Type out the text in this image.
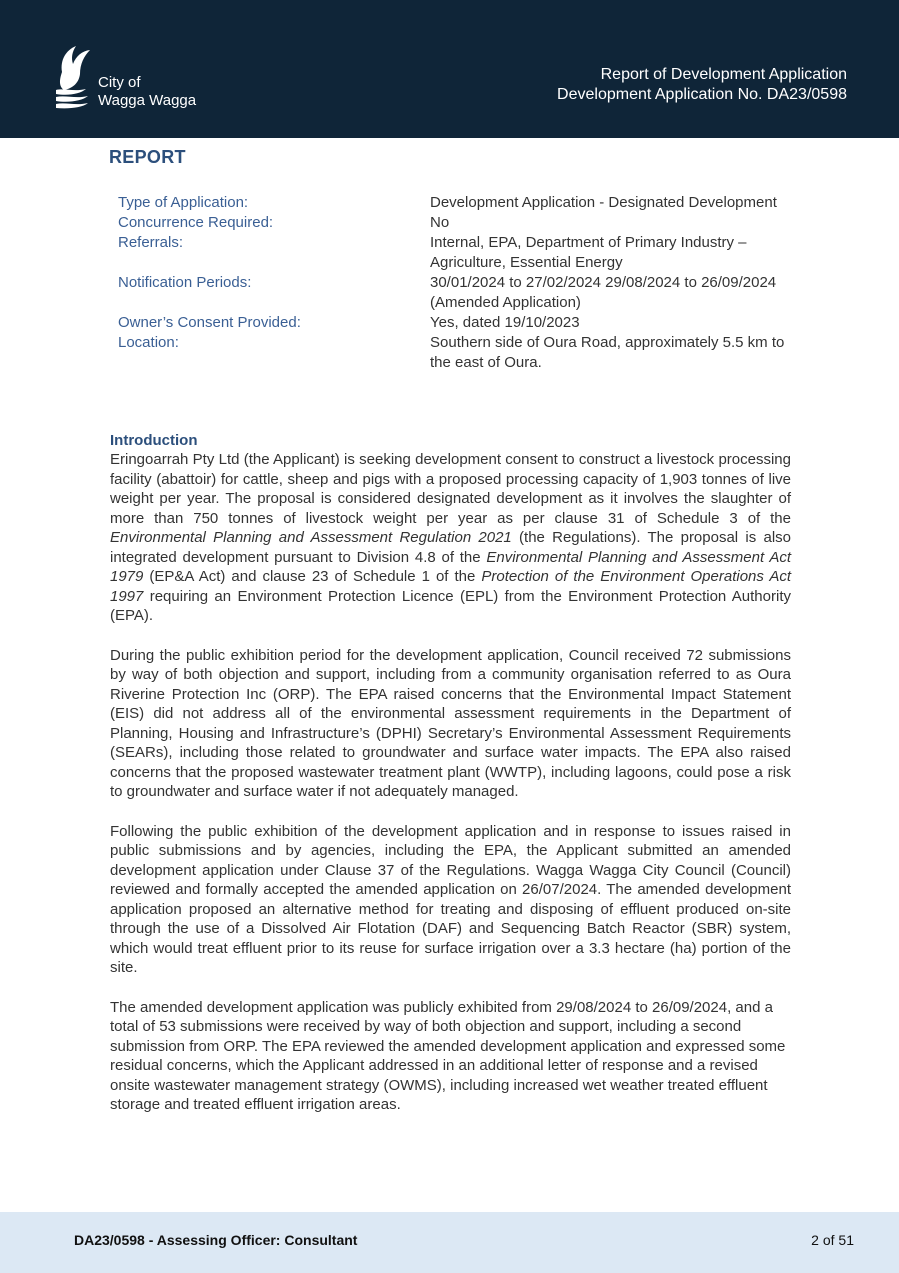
City of
Wagga Wagga
Report of Development Application
Development Application No. DA23/0598
REPORT
Type of Application:	Development Application - Designated Development
Concurrence Required:	No
Referrals:	Internal, EPA, Department of Primary Industry – Agriculture, Essential Energy
Notification Periods:	30/01/2024 to 27/02/2024 29/08/2024 to 26/09/2024 (Amended Application)
Owner’s Consent Provided:	Yes, dated 19/10/2023
Location:	Southern side of Oura Road, approximately 5.5 km to the east of Oura.
Introduction

Eringoarrah Pty Ltd (the Applicant) is seeking development consent to construct a livestock processing facility (abattoir) for cattle, sheep and pigs with a proposed processing capacity of 1,903 tonnes of live weight per year. The proposal is considered designated development as it involves the slaughter of more than 750 tonnes of livestock weight per year as per clause 31 of Schedule 3 of the Environmental Planning and Assessment Regulation 2021 (the Regulations). The proposal is also integrated development pursuant to Division 4.8 of the Environmental Planning and Assessment Act 1979 (EP&A Act) and clause 23 of Schedule 1 of the Protection of the Environment Operations Act 1997 requiring an Environment Protection Licence (EPL) from the Environment Protection Authority (EPA).

During the public exhibition period for the development application, Council received 72 submissions by way of both objection and support, including from a community organisation referred to as Oura Riverine Protection Inc (ORP). The EPA raised concerns that the Environmental Impact Statement (EIS) did not address all of the environmental assessment requirements in the Department of Planning, Housing and Infrastructure’s (DPHI) Secretary’s Environmental Assessment Requirements (SEARs), including those related to groundwater and surface water impacts. The EPA also raised concerns that the proposed wastewater treatment plant (WWTP), including lagoons, could pose a risk to groundwater and surface water if not adequately managed.

Following the public exhibition of the development application and in response to issues raised in public submissions and by agencies, including the EPA, the Applicant submitted an amended development application under Clause 37 of the Regulations. Wagga Wagga City Council (Council) reviewed and formally accepted the amended application on 26/07/2024. The amended development application proposed an alternative method for treating and disposing of effluent produced on-site through the use of a Dissolved Air Flotation (DAF) and Sequencing Batch Reactor (SBR) system, which would treat effluent prior to its reuse for surface irrigation over a 3.3 hectare (ha) portion of the site.

The amended development application was publicly exhibited from 29/08/2024 to 26/09/2024, and a total of 53 submissions were received by way of both objection and support, including a second submission from ORP. The EPA reviewed the amended development application and expressed some residual concerns, which the Applicant addressed in an additional letter of response and a revised onsite wastewater management strategy (OWMS), including increased wet weather treated effluent storage and treated effluent irrigation areas.

DA23/0598 - Assessing Officer: Consultant	2 of 51
